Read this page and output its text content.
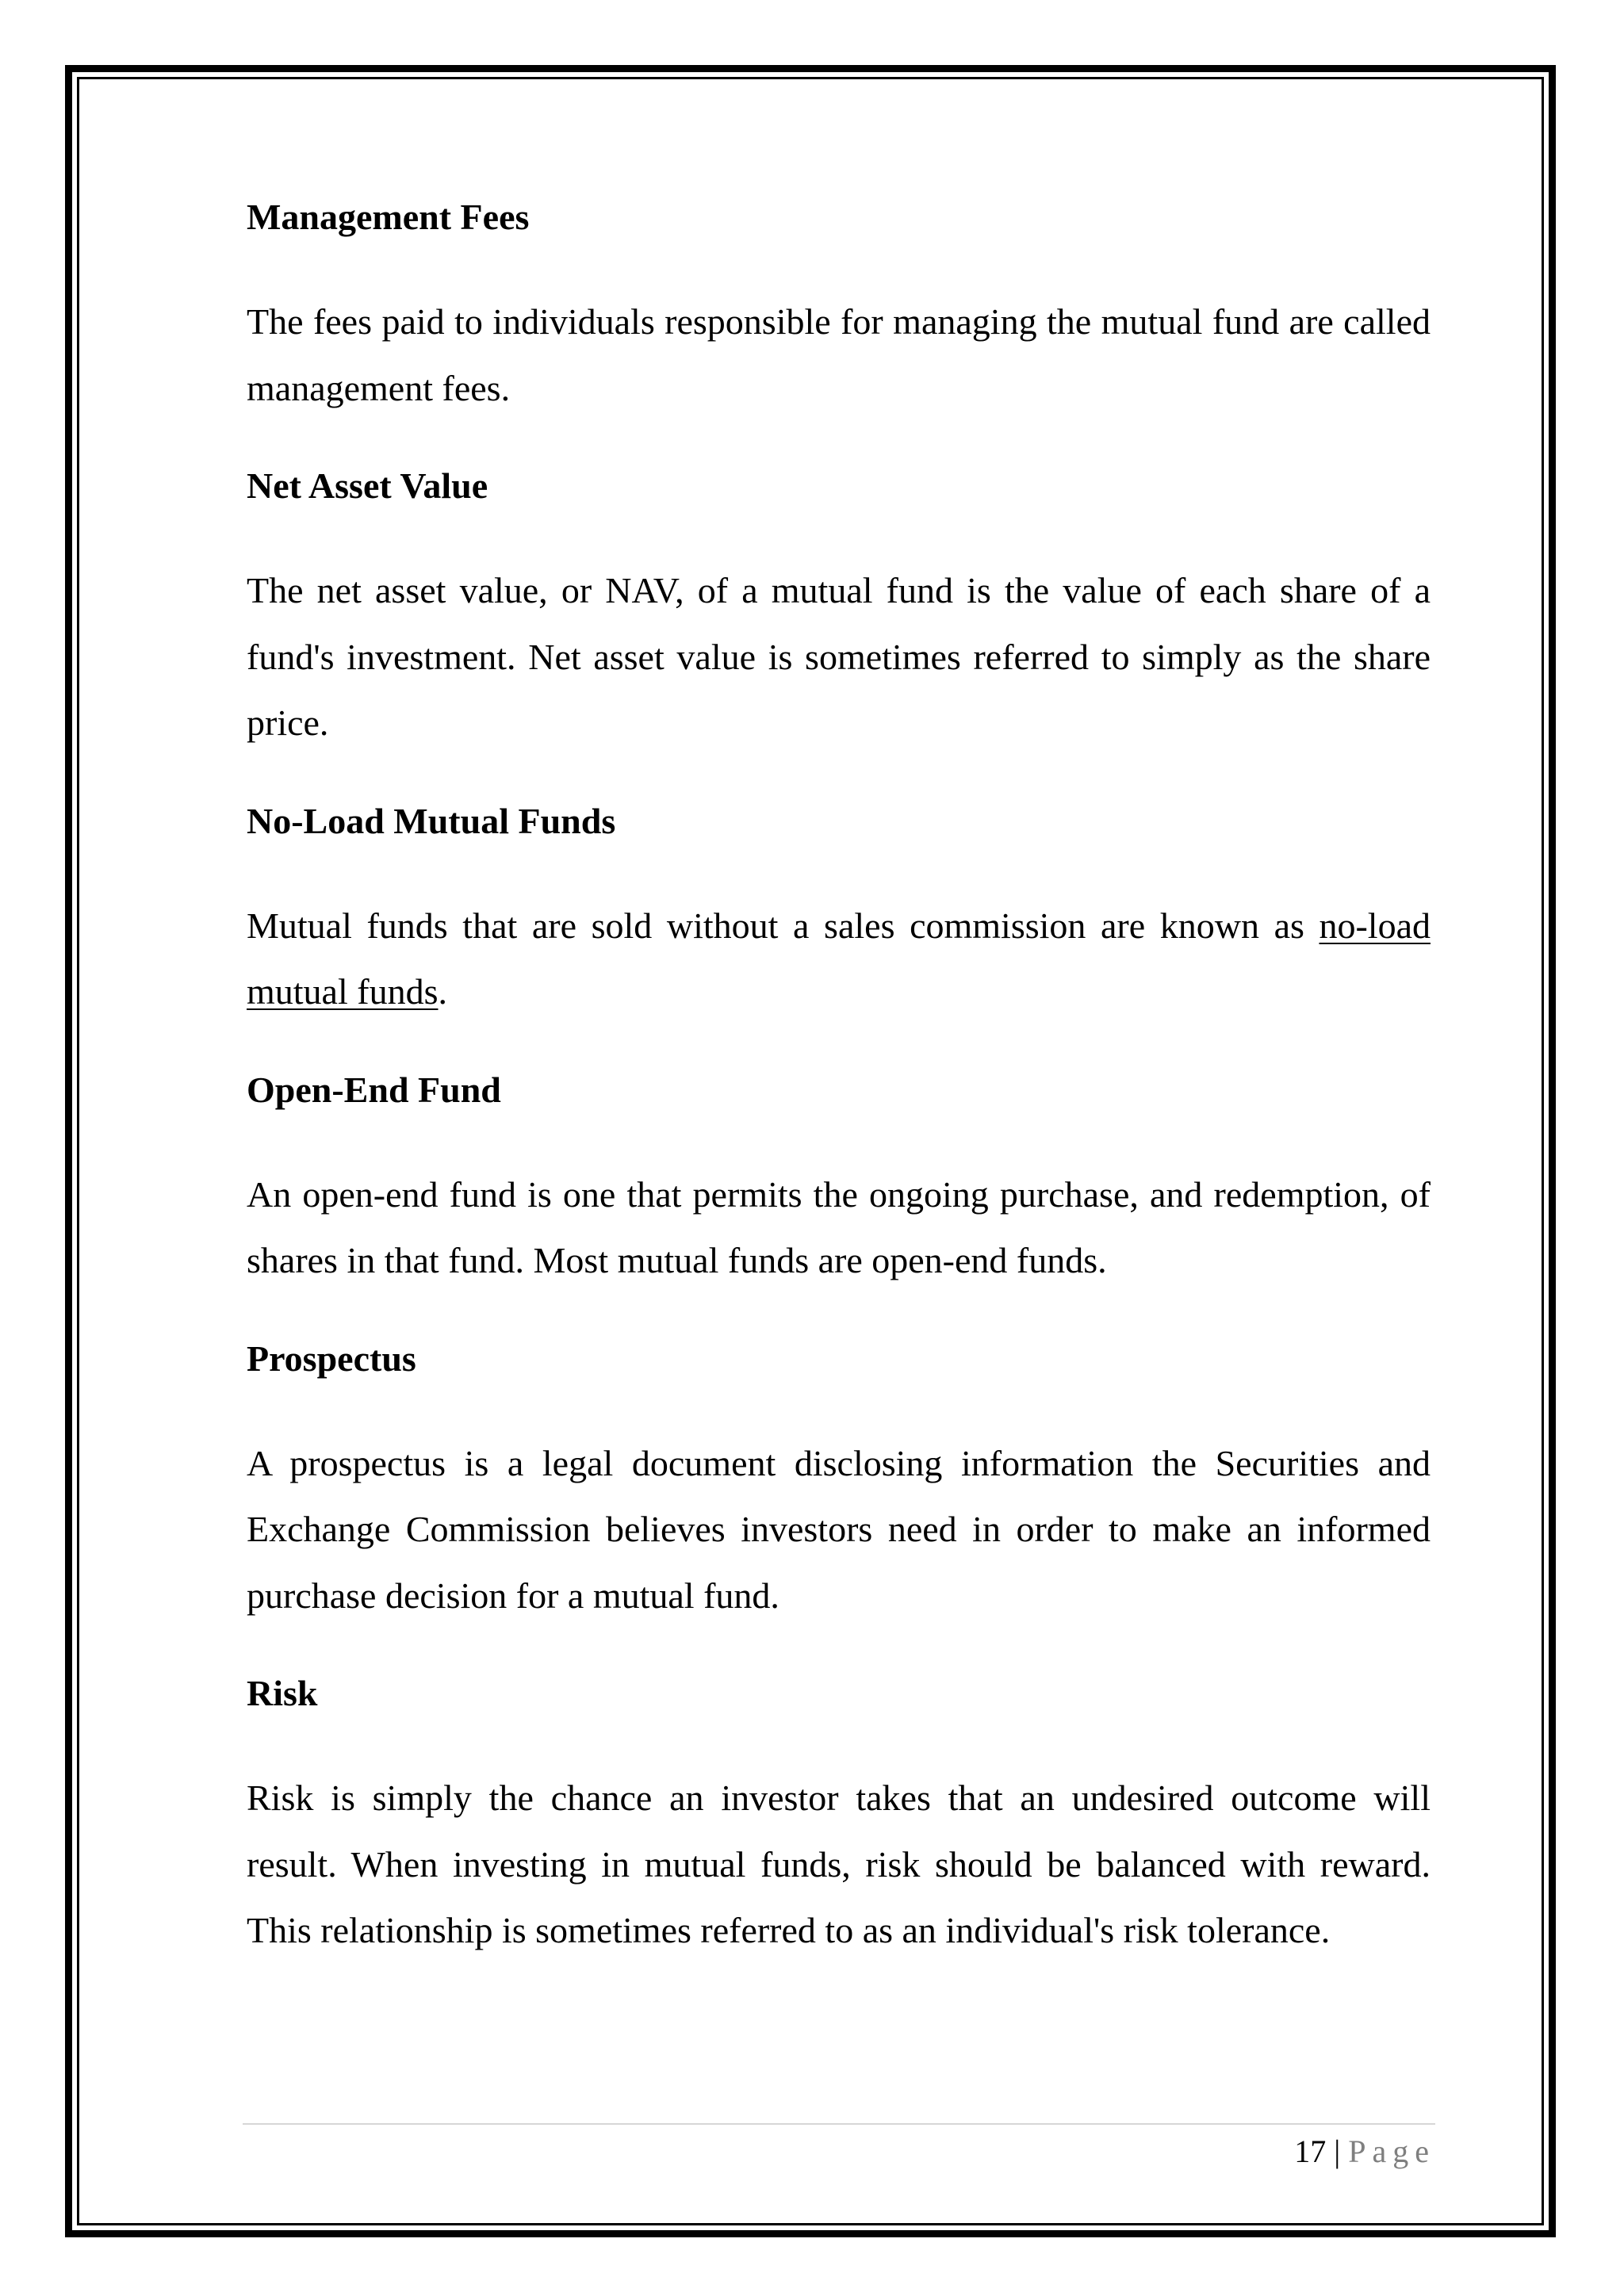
Management Fees

The fees paid to individuals responsible for managing the mutual fund are called management fees.

Net Asset Value

The net asset value, or NAV, of a mutual fund is the value of each share of a fund's investment. Net asset value is sometimes referred to simply as the share price.

No-Load Mutual Funds

Mutual funds that are sold without a sales commission are known as no-load mutual funds.

Open-End Fund

An open-end fund is one that permits the ongoing purchase, and redemption, of shares in that fund. Most mutual funds are open-end funds.

Prospectus

A prospectus is a legal document disclosing information the Securities and Exchange Commission believes investors need in order to make an informed purchase decision for a mutual fund.

Risk

Risk is simply the chance an investor takes that an undesired outcome will result. When investing in mutual funds, risk should be balanced with reward. This relationship is sometimes referred to as an individual's risk tolerance.

17 | Page
